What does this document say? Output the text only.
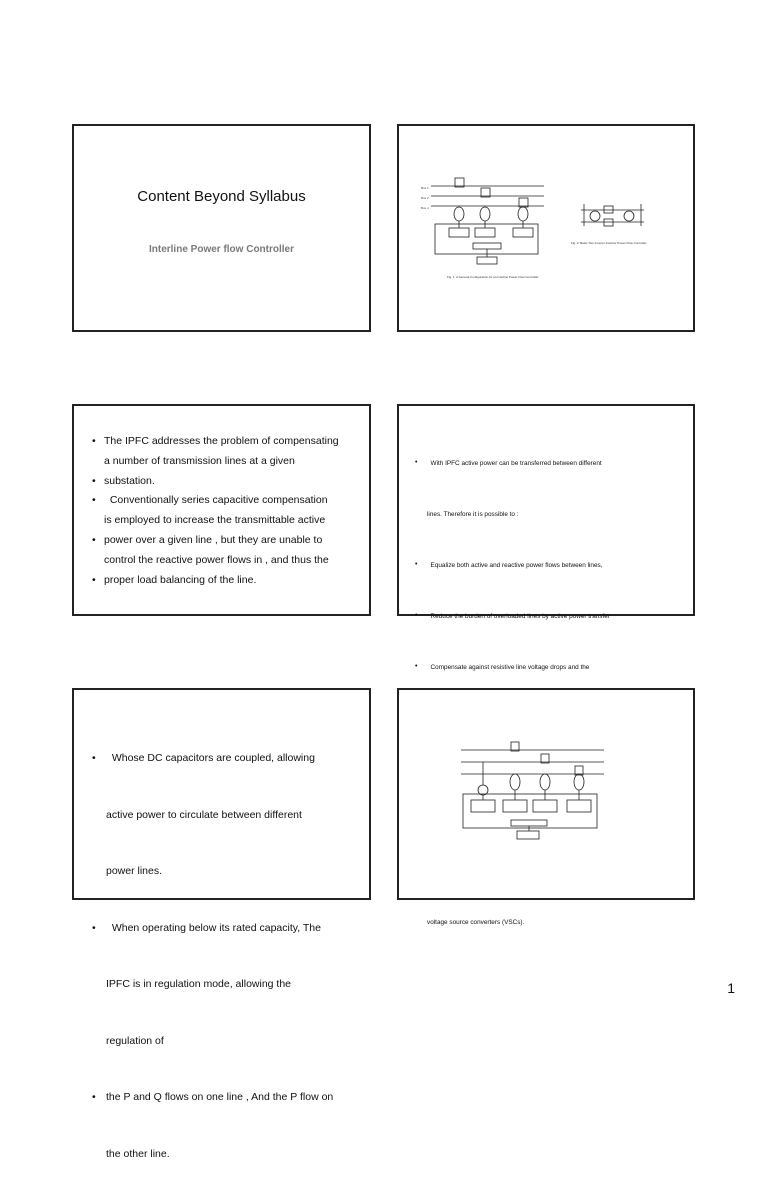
Content Beyond Syllabus
Interline Power flow Controller
Bus 1
Bus 2
Bus n
Fig. 1. A General Configuration for an Interline Power Flow Controller
Fig. 2. Basic Two Inverter Interline Power Flow Controller
• The IPFC addresses the problem of compensating
a number of transmission lines at a given
• substation.
• Conventionally series capacitive compensation
is employed to increase the transmittable active
• power over a given line , but they are unable to
control the reactive power flows in , and thus the
• proper load balancing of the line.

• With IPFC active power can be transferred between different

lines. Therefore it is possible to :

• Equalize both active and reactive power flows between lines,

• Reduce the burden of overloaded lines by active power transfer

• Compensate against resistive line voltage drops and the

voltage source converters (VSCs).

• Whose DC capacitors are coupled, allowing

active power to circulate between different

power lines.

• When operating below its rated capacity, The

IPFC is in regulation mode, allowing the

regulation of

• the P and Q flows on one line , And the P flow on

the other line.

1
